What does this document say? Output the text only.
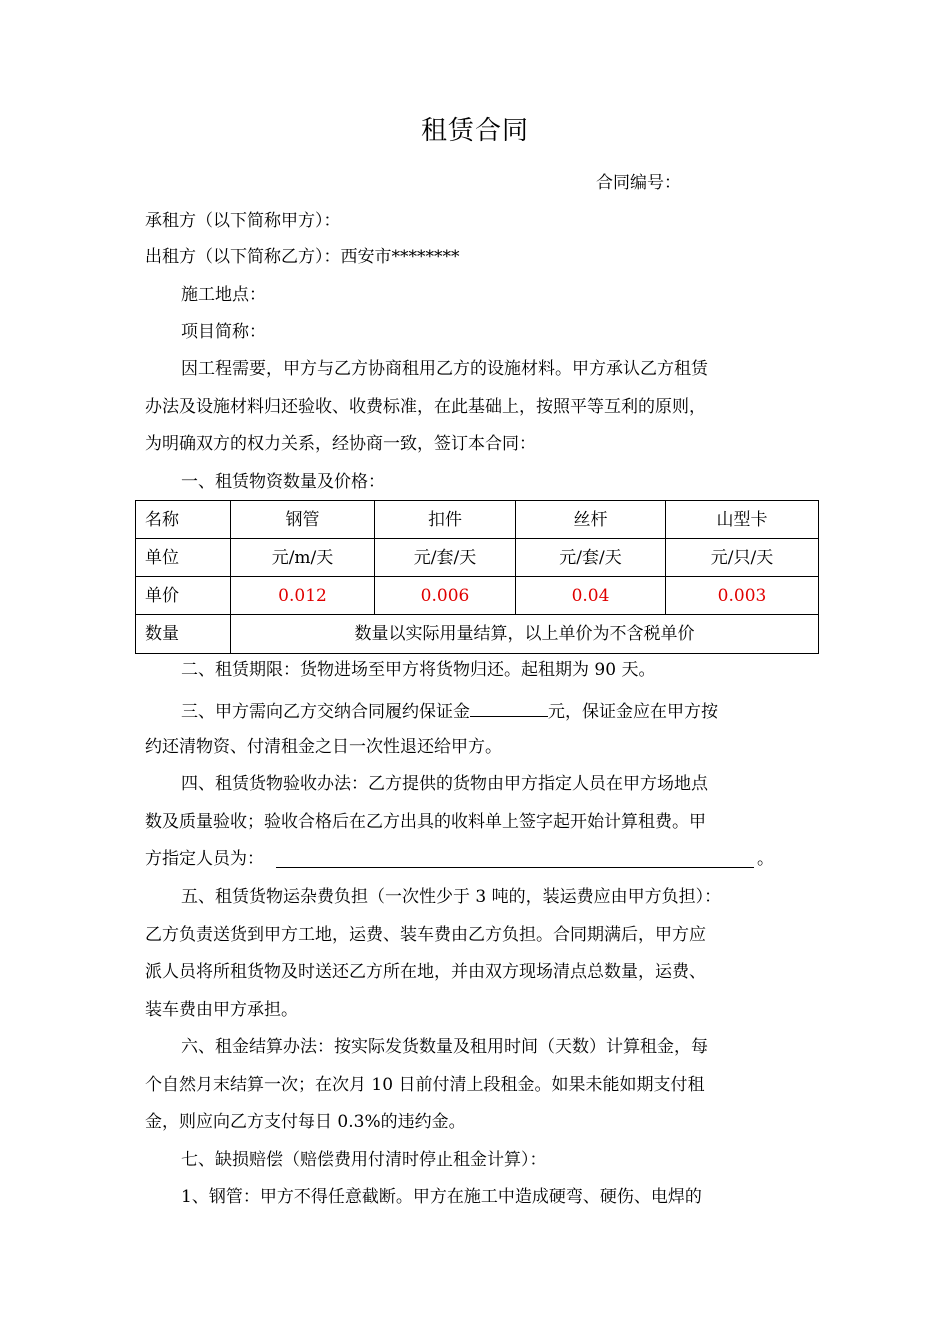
租赁合同
合同编号：
承租方（以下简称甲方）：
出租方（以下简称乙方）：西安市********
施工地点：
项目简称：
因工程需要，甲方与乙方协商租用乙方的设施材料。甲方承认乙方租赁
办法及设施材料归还验收、收费标准，在此基础上，按照平等互利的原则，
为明确双方的权力关系，经协商一致，签订本合同：
一、租赁物资数量及价格：
名称	钢管	扣件	丝杆	山型卡
单位	元/m/天	元/套/天	元/套/天	元/只/天
单价	0.012	0.006	0.04	0.003
数量	数量以实际用量结算，以上单价为不含税单价			
二、租赁期限：货物进场至甲方将货物归还。起租期为 90 天。
三、甲方需向乙方交纳合同履约保证金	元，保证金应在甲方按
约还清物资、付清租金之日一次性退还给甲方。
四、租赁货物验收办法：乙方提供的货物由甲方指定人员在甲方场地点
数及质量验收；验收合格后在乙方出具的收料单上签字起开始计算租费。甲
方指定人员为：	。
五、租赁货物运杂费负担（一次性少于 3 吨的，装运费应由甲方负担）：
乙方负责送货到甲方工地，运费、装车费由乙方负担。合同期满后，甲方应
派人员将所租货物及时送还乙方所在地，并由双方现场清点总数量，运费、
装车费由甲方承担。
六、租金结算办法：按实际发货数量及租用时间（天数）计算租金，每
个自然月末结算一次；在次月 10 日前付清上段租金。如果未能如期支付租
金，则应向乙方支付每日 0.3%的违约金。
七、缺损赔偿（赔偿费用付清时停止租金计算）：
1、钢管：甲方不得任意截断。甲方在施工中造成硬弯、硬伤、电焊的
